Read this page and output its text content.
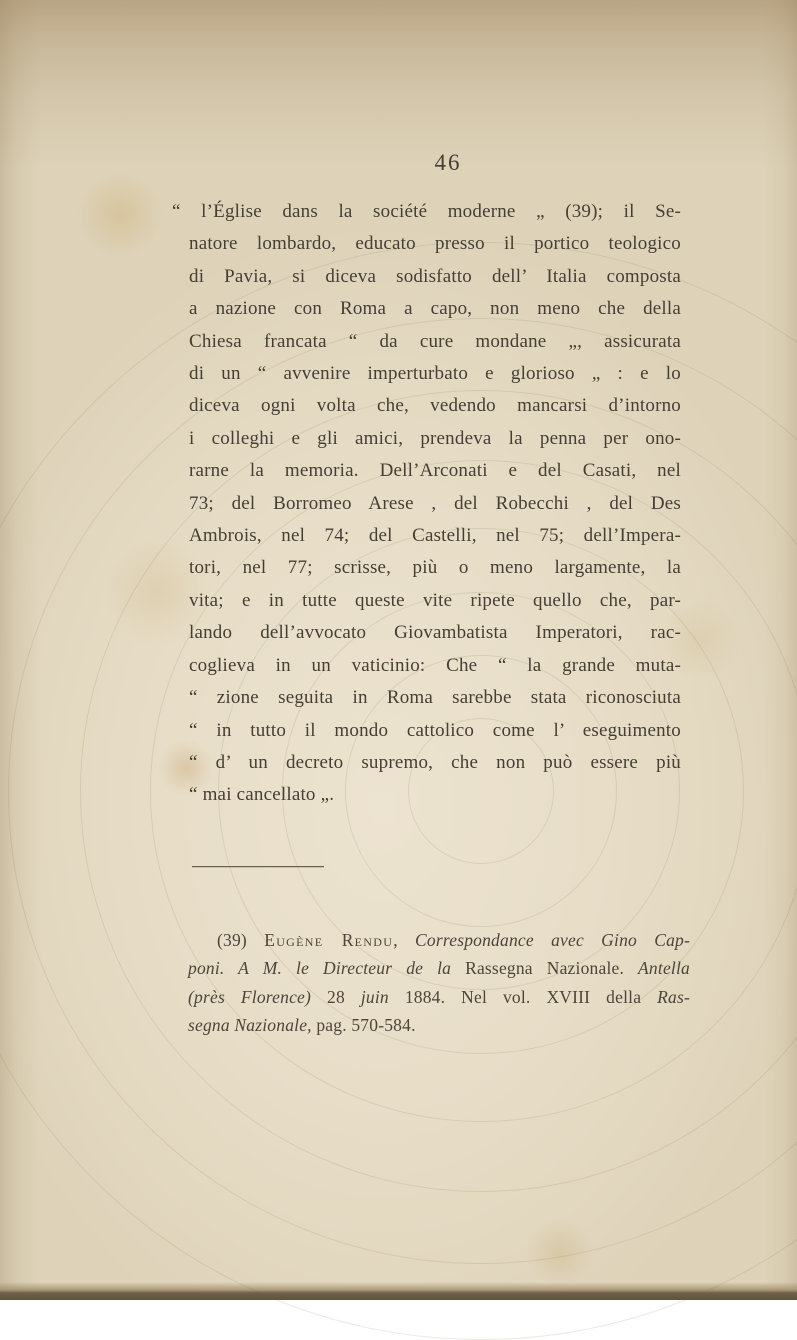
46
“ l’Église dans la société moderne „ (39); il Se-
natore lombardo, educato presso il portico teologico
di Pavia, si diceva sodisfatto dell’ Italia composta
a nazione con Roma a capo, non meno che della
Chiesa francata “ da cure mondane „, assicurata
di un “ avvenire imperturbato e glorioso „ : e lo
diceva ogni volta che, vedendo mancarsi d’intorno
i colleghi e gli amici, prendeva la penna per ono-
rarne la memoria. Dell’Arconati e del Casati, nel
73; del Borromeo Arese , del Robecchi , del Des
Ambrois, nel 74; del Castelli, nel 75; dell’Impera-
tori, nel 77; scrisse, più o meno largamente, la
vita; e in tutte queste vite ripete quello che, par-
lando dell’avvocato Giovambatista Imperatori, rac-
coglieva in un vaticinio: Che “ la grande muta-
“ zione seguita in Roma sarebbe stata riconosciuta
“ in tutto il mondo cattolico come l’ eseguimento
“ d’ un decreto supremo, che non può essere più
“ mai cancellato „.
(39) Eugène Rendu, Correspondance avec Gino Cap-
poni. A M. le Directeur de la Rassegna Nazionale. Antella
(près Florence) 28 juin 1884. Nel vol. XVIII della Ras-
segna Nazionale, pag. 570-584.
